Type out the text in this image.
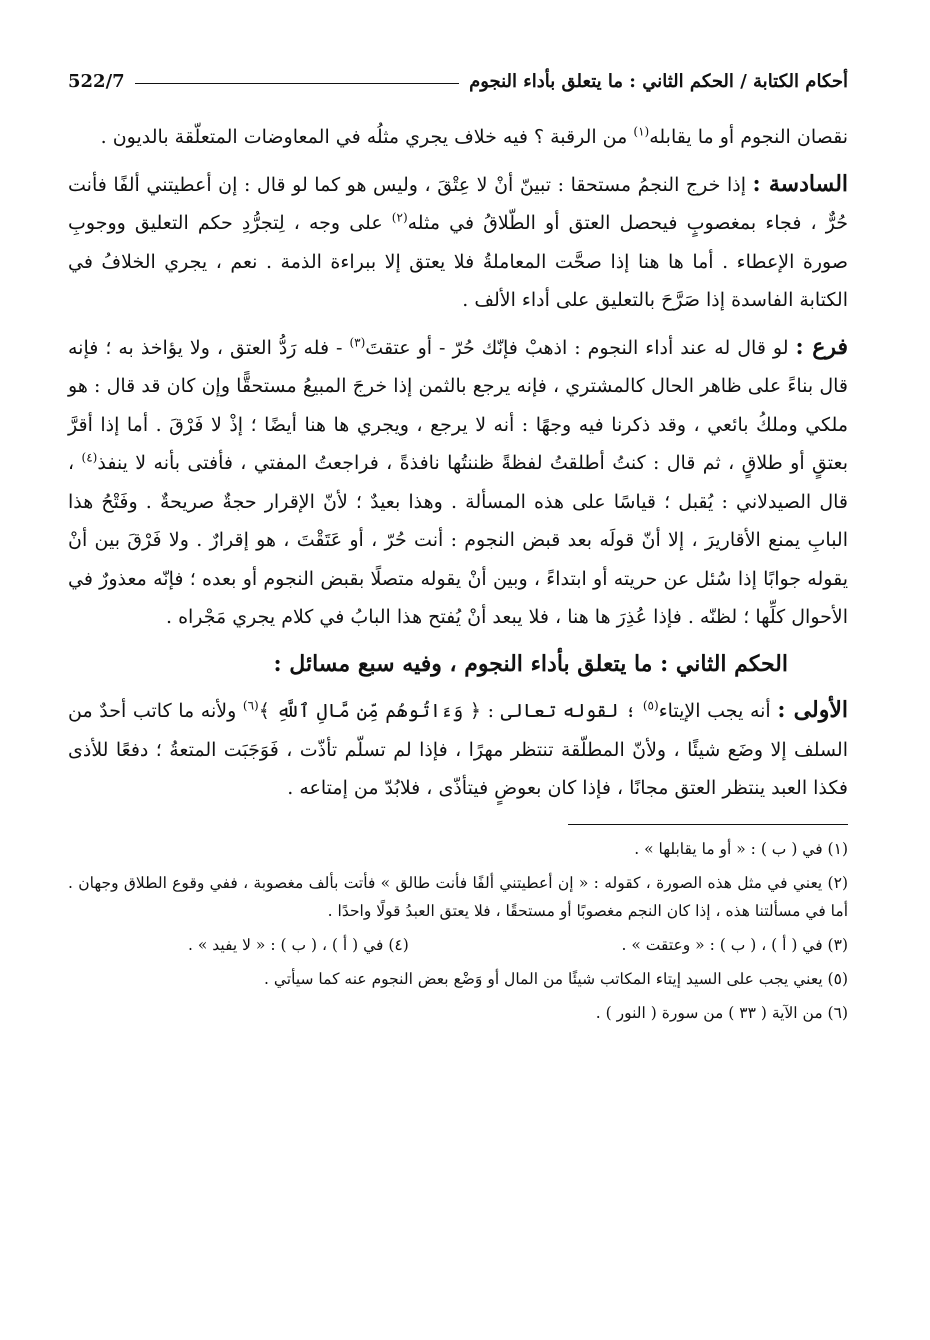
أحكام الكتابة / الحكم الثاني : ما يتعلق بأداء النجوم
522/7

نقصان النجوم أو ما يقابله$^{(١)}$ من الرقبة ؟ فيه خلاف يجري مثلُه في المعاوضات المتعلّقة بالديون .

السادسة : إذا خرج النجمُ مستحقا : تبينّ أنْ لا عِتْقَ ، وليس هو كما لو قال : إن أعطيتني ألفًا فأنت حُرٌّ ، فجاء بمغصوبٍ فيحصل العتق أو الطّلاقُ في مثله$^{(٢)}$ على وجه ، لِتجرُّدِ حكم التعليق ووجوبِ صورة الإعطاء . أما ها هنا إذا صحَّت المعاملةُ فلا يعتق إلا ببراءة الذمة . نعم ، يجري الخلافُ في الكتابة الفاسدة إذا صَرَّحَ بالتعليق على أداء الألف .

فرع : لو قال له عند أداء النجوم : اذهبْ فإنّك حُرّ - أو عتقتَ$^{(٣)}$ - فله رَدُّ العتق ، ولا يؤاخذ به ؛ فإنه قال بناءً على ظاهر الحال كالمشتري ، فإنه يرجع بالثمن إذا خرجَ المبيعُ مستحقًّا وإن كان قد قال : هو ملكي وملكُ بائعي ، وقد ذكرنا فيه وجهًا : أنه لا يرجع ، ويجري ها هنا أيضًا ؛ إذْ لا فَرْقَ . أما إذا أقرَّ بعتقٍ أو طلاقٍ ، ثم قال : كنتُ أطلقتُ لفظةً ظننتُها نافذةً ، فراجعتُ المفتي ، فأفتى بأنه لا ينفذ$^{(٤)}$ ، قال الصيدلاني : يُقبل ؛ قياسًا على هذه المسألة . وهذا بعيدٌ ؛ لأنّ الإقرار حجةٌ صريحةٌ . وفَتْحُ هذا البابِ يمنع الأقاريرَ ، إلا أنّ قولَه بعد قبض النجوم : أنت حُرّ ، أو عَتَقْتَ ، هو إقرارٌ . ولا فَرْقَ بين أنْ يقوله جوابًا إذا سُئل عن حريته أو ابتداءً ، وبين أنْ يقوله متصلًا بقبض النجوم أو بعده ؛ فإنّه معذورٌ في الأحوال كلِّها ؛ لظنّه . فإذا عُذِرَ ها هنا ، فلا يبعد أنْ يُفتح هذا البابُ في كلام يجري مَجْراه .

الحكم الثاني : ما يتعلق بأداء النجوم ، وفيه سبع مسائل :

الأولى : أنه يجب الإيتاء$^{(٥)}$ ؛ لقوله تعالى : ﴿ وَءَاتُوهُم مِّن مَّالِ ٱللَّهِ ﴾$^{(٦)}$ ولأنه ما كاتب أحدٌ من السلف إلا وضَع شيئًا ، ولأنّ المطلّقة تنتظر مهرًا ، فإذا لم تسلّم تأذّت ، فَوَجَبَت المتعةُ ؛ دفعًا للأذى فكذا العبد ينتظر العتق مجانًا ، فإذا كان بعوضٍ فيتأذّى ، فلابُدّ من إمتاعه .

(١) في ( ب ) : « أو ما يقابلها » .

(٢) يعني في مثل هذه الصورة ، كقوله : « إن أعطيتني ألفًا فأنت طالق » فأتت بألف مغصوبة ، ففي وقوع الطلاق وجهان . أما في مسألتنا هذه ، إذا كان النجم مغصوبًا أو مستحقًا ، فلا يعتق العبدُ قولًا واحدًا .

(٣) في ( أ ) ، ( ب ) : « وعتقت » .

(٤) في ( أ ) ، ( ب ) : « لا يفيد » .

(٥) يعني يجب على السيد إيتاء المكاتب شيئًا من المال أو وَضْع بعض النجوم عنه كما سيأتي .

(٦) من الآية ( ٣٣ ) من سورة ( النور ) .
